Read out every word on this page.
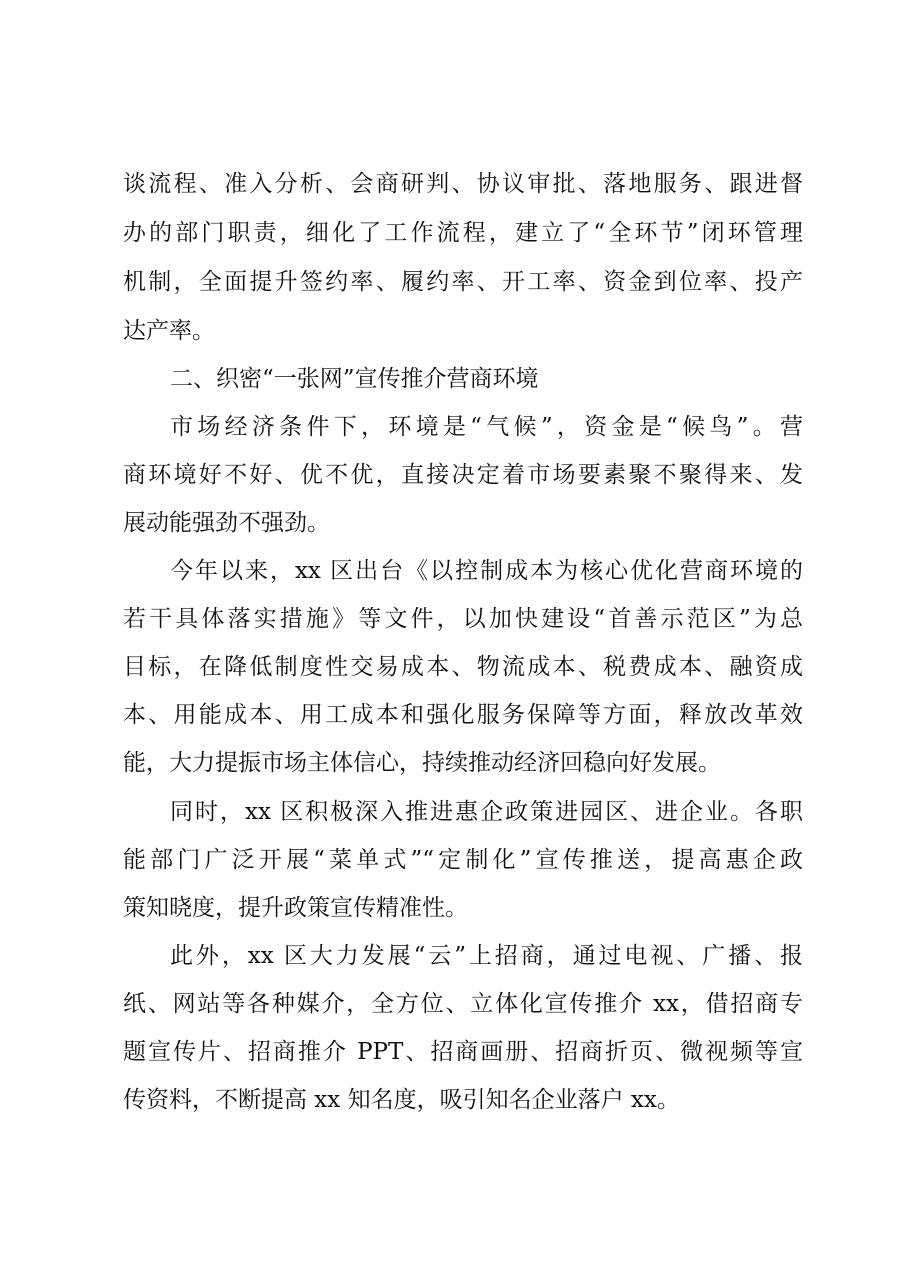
谈流程、准入分析、会商研判、协议审批、落地服务、跟进督
办的部门职责，细化了工作流程，建立了“全环节”闭环管理
机制，全面提升签约率、履约率、开工率、资金到位率、投产
达产率。
二、织密“一张网”宣传推介营商环境
市场经济条件下，环境是“气候”，资金是“候鸟”。营
商环境好不好、优不优，直接决定着市场要素聚不聚得来、发
展动能强劲不强劲。
今年以来，xx 区出台《以控制成本为核心优化营商环境的
若干具体落实措施》等文件，以加快建设“首善示范区”为总
目标，在降低制度性交易成本、物流成本、税费成本、融资成
本、用能成本、用工成本和强化服务保障等方面，释放改革效
能，大力提振市场主体信心，持续推动经济回稳向好发展。
同时，xx 区积极深入推进惠企政策进园区、进企业。各职
能部门广泛开展“菜单式”“定制化”宣传推送，提高惠企政
策知晓度，提升政策宣传精准性。
此外，xx 区大力发展“云”上招商，通过电视、广播、报
纸、网站等各种媒介，全方位、立体化宣传推介 xx，借招商专
题宣传片、招商推介 PPT、招商画册、招商折页、微视频等宣
传资料，不断提高 xx 知名度，吸引知名企业落户 xx。
